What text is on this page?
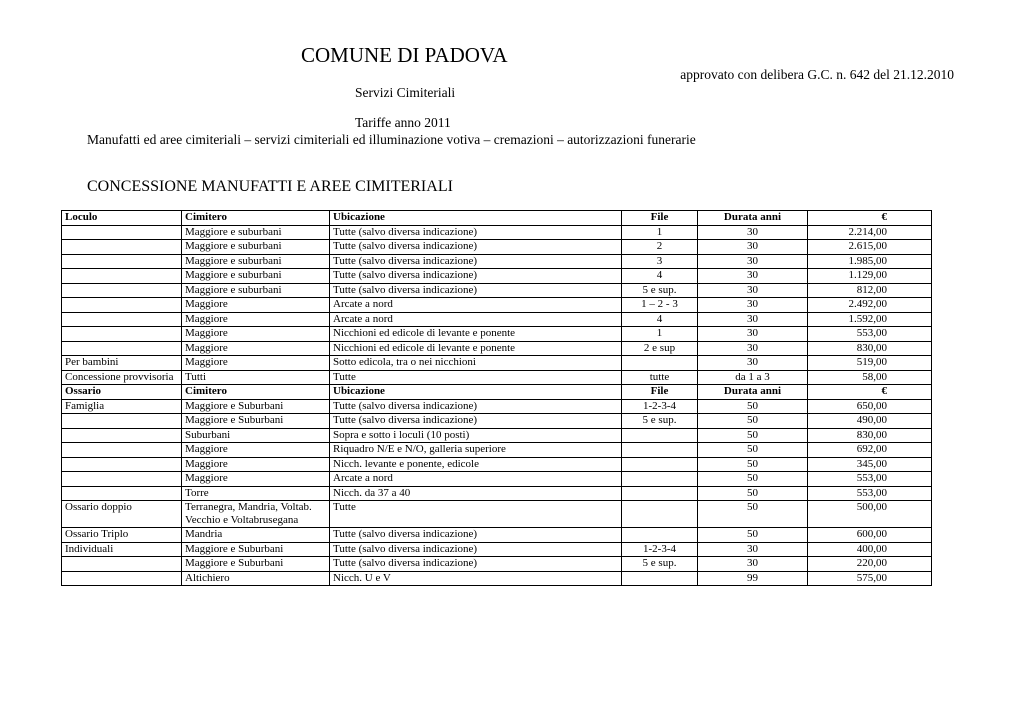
COMUNE DI PADOVA
approvato con delibera G.C. n. 642 del 21.12.2010
Servizi Cimiteriali
Tariffe anno 2011
Manufatti ed aree cimiteriali – servizi cimiteriali ed illuminazione votiva – cremazioni – autorizzazioni funerarie
CONCESSIONE MANUFATTI E AREE CIMITERIALI
Loculo	Cimitero	Ubicazione	File	Durata anni	€
	Maggiore e suburbani	Tutte (salvo diversa indicazione)	1	30	2.214,00
	Maggiore e suburbani	Tutte (salvo diversa indicazione)	2	30	2.615,00
	Maggiore e suburbani	Tutte (salvo diversa indicazione)	3	30	1.985,00
	Maggiore e suburbani	Tutte (salvo diversa indicazione)	4	30	1.129,00
	Maggiore e suburbani	Tutte (salvo diversa indicazione)	5 e sup.	30	812,00
	Maggiore	Arcate a nord	1 – 2 - 3	30	2.492,00
	Maggiore	Arcate a nord	4	30	1.592,00
	Maggiore	Nicchioni ed edicole di levante e ponente	1	30	553,00
	Maggiore	Nicchioni ed edicole di levante e ponente	2 e sup	30	830,00
Per bambini	Maggiore	Sotto edicola, tra o nei nicchioni		30	519,00
Concessione provvisoria	Tutti	Tutte	tutte	da 1 a 3	58,00
Ossario	Cimitero	Ubicazione	File	Durata anni	€
Famiglia	Maggiore e Suburbani	Tutte (salvo diversa indicazione)	1-2-3-4	50	650,00
	Maggiore e Suburbani	Tutte (salvo diversa indicazione)	5 e sup.	50	490,00
	Suburbani	Sopra e sotto i loculi (10 posti)		50	830,00
	Maggiore	Riquadro N/E e N/O, galleria superiore		50	692,00
	Maggiore	Nicch. levante e ponente, edicole		50	345,00
	Maggiore	Arcate a nord		50	553,00
	Torre	Nicch. da 37 a 40		50	553,00
Ossario doppio	Terranegra, Mandria, Voltab. Vecchio e Voltabrusegana	Tutte		50	500,00
Ossario Triplo	Mandria	Tutte (salvo diversa indicazione)		50	600,00
Individuali	Maggiore e Suburbani	Tutte (salvo diversa indicazione)	1-2-3-4	30	400,00
	Maggiore e Suburbani	Tutte (salvo diversa indicazione)	5 e sup.	30	220,00
	Altichiero	Nicch. U e V		99	575,00
